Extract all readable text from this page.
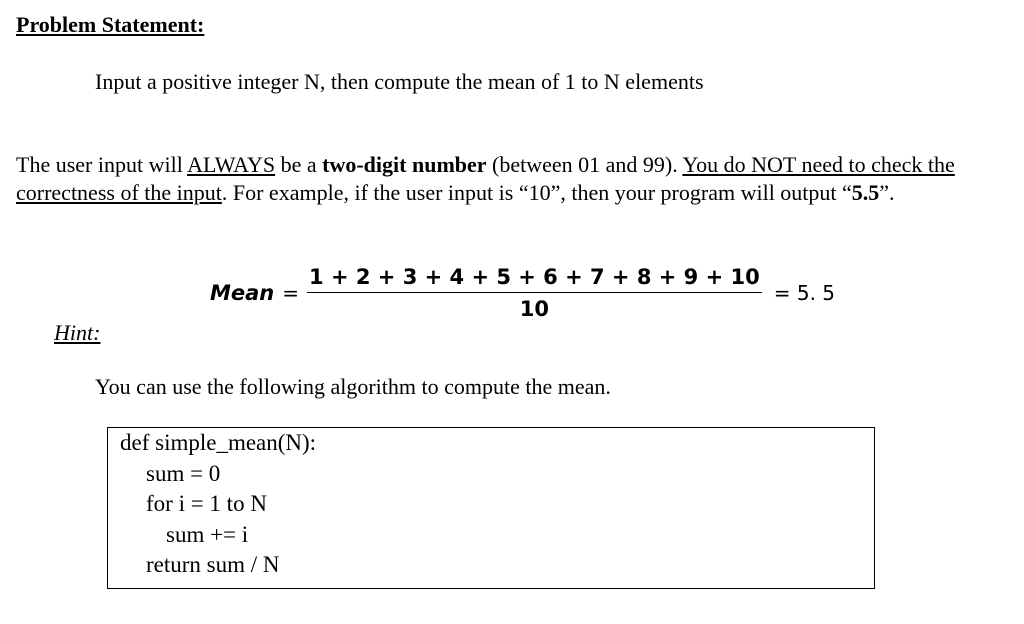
Problem Statement:

Input a positive integer N, then compute the mean of 1 to N elements

The user input will ALWAYS be a two-digit number (between 01 and 99). You do NOT need to check the correctness of the input. For example, if the user input is “10”, then your program will output “5.5”.

Mean = $\frac{1 + 2 + 3 + 4 + 5 + 6 + 7 + 8 + 9 + 10}{10} = 5$. 5

Hint:

You can use the following algorithm to compute the mean.

def simple_mean(N):

sum = 0

for i = 1 to N

sum += i

return sum / N
